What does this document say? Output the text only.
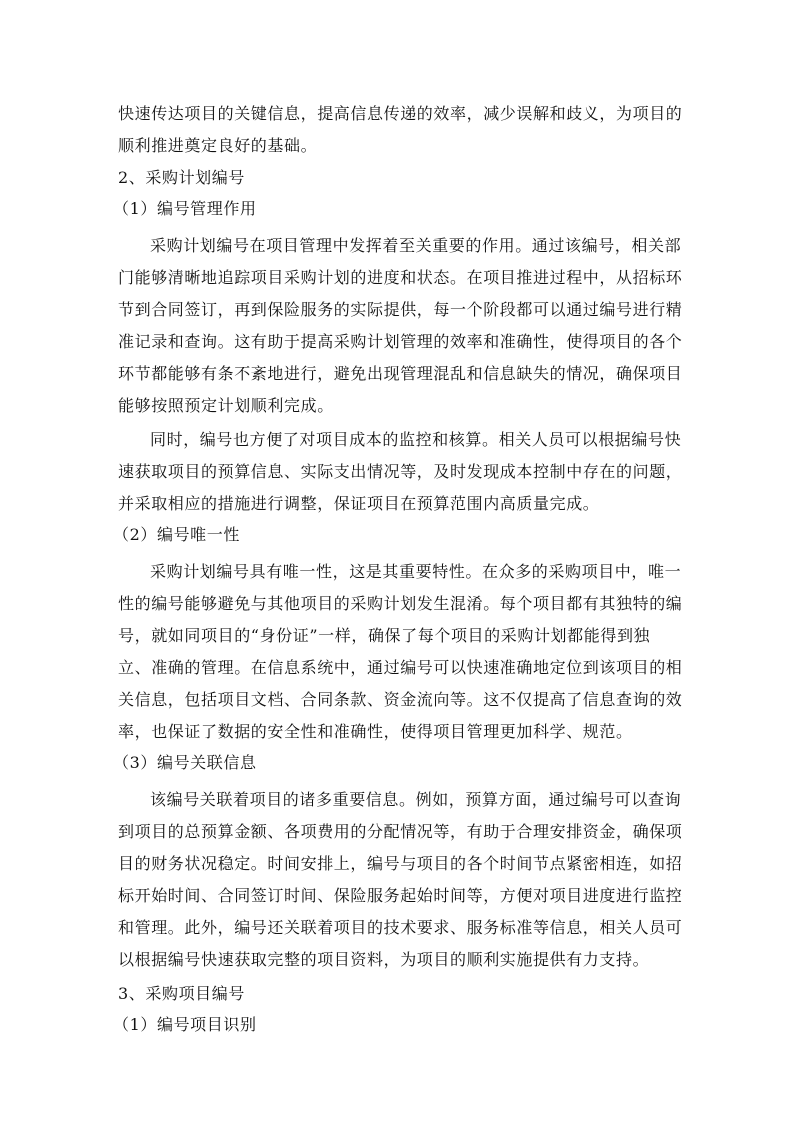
快速传达项目的关键信息，提高信息传递的效率，减少误解和歧义，为项目的
顺利推进奠定良好的基础。
2、采购计划编号
（1）编号管理作用
采购计划编号在项目管理中发挥着至关重要的作用。通过该编号，相关部
门能够清晰地追踪项目采购计划的进度和状态。在项目推进过程中，从招标环
节到合同签订，再到保险服务的实际提供，每一个阶段都可以通过编号进行精
准记录和查询。这有助于提高采购计划管理的效率和准确性，使得项目的各个
环节都能够有条不紊地进行，避免出现管理混乱和信息缺失的情况，确保项目
能够按照预定计划顺利完成。
同时，编号也方便了对项目成本的监控和核算。相关人员可以根据编号快
速获取项目的预算信息、实际支出情况等，及时发现成本控制中存在的问题，
并采取相应的措施进行调整，保证项目在预算范围内高质量完成。
（2）编号唯一性
采购计划编号具有唯一性，这是其重要特性。在众多的采购项目中，唯一
性的编号能够避免与其他项目的采购计划发生混淆。每个项目都有其独特的编
号，就如同项目的“身份证”一样，确保了每个项目的采购计划都能得到独
立、准确的管理。在信息系统中，通过编号可以快速准确地定位到该项目的相
关信息，包括项目文档、合同条款、资金流向等。这不仅提高了信息查询的效
率，也保证了数据的安全性和准确性，使得项目管理更加科学、规范。
（3）编号关联信息
该编号关联着项目的诸多重要信息。例如，预算方面，通过编号可以查询
到项目的总预算金额、各项费用的分配情况等，有助于合理安排资金，确保项
目的财务状况稳定。时间安排上，编号与项目的各个时间节点紧密相连，如招
标开始时间、合同签订时间、保险服务起始时间等，方便对项目进度进行监控
和管理。此外，编号还关联着项目的技术要求、服务标准等信息，相关人员可
以根据编号快速获取完整的项目资料，为项目的顺利实施提供有力支持。
3、采购项目编号
（1）编号项目识别
